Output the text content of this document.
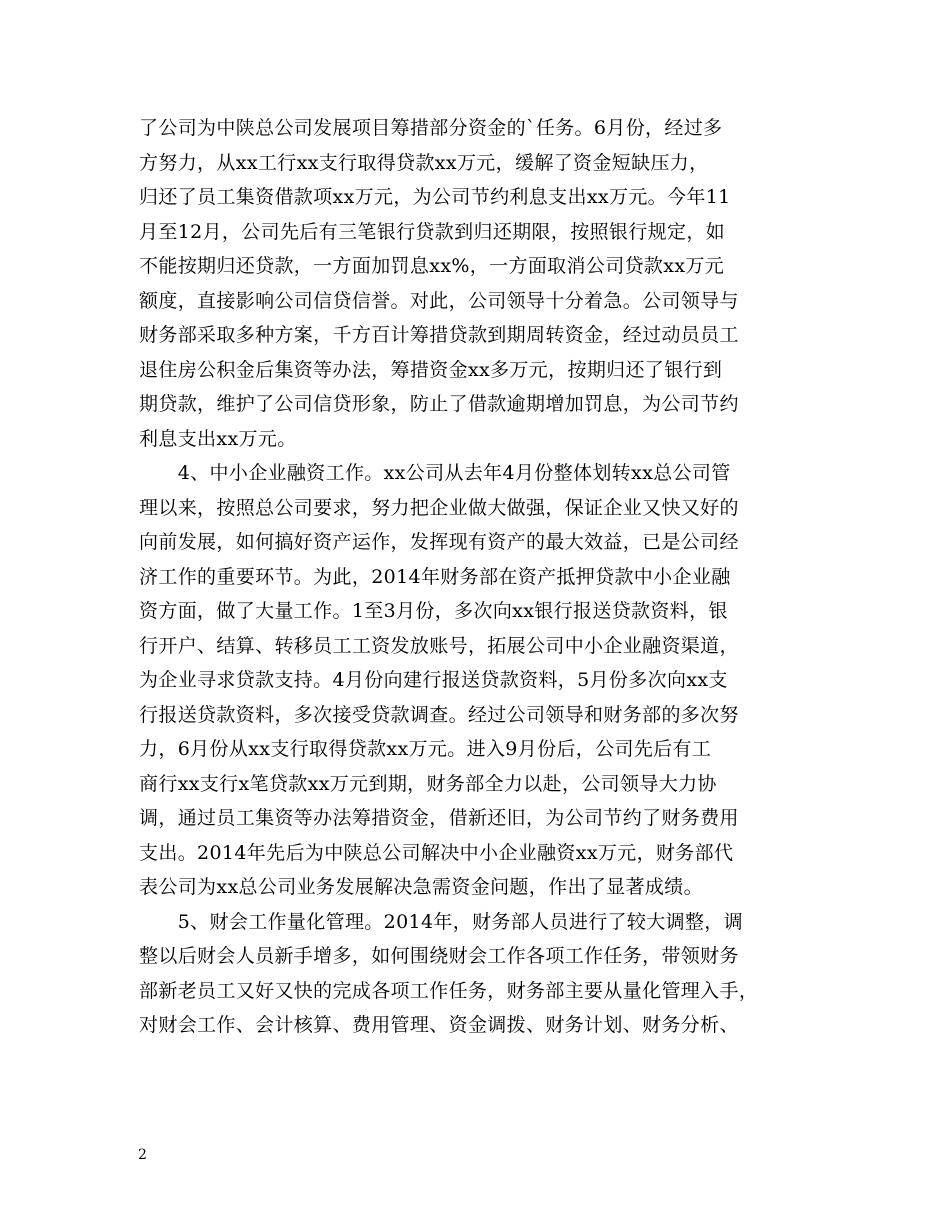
了公司为中陕总公司发展项目筹措部分资金的`任务。6月份，经过多
方努力，从xx工行xx支行取得贷款xx万元，缓解了资金短缺压力，
归还了员工集资借款项xx万元，为公司节约利息支出xx万元。今年11
月至12月，公司先后有三笔银行贷款到归还期限，按照银行规定，如
不能按期归还贷款，一方面加罚息xx%，一方面取消公司贷款xx万元
额度，直接影响公司信贷信誉。对此，公司领导十分着急。公司领导与
财务部采取多种方案，千方百计筹措贷款到期周转资金，经过动员员工
退住房公积金后集资等办法，筹措资金xx多万元，按期归还了银行到
期贷款，维护了公司信贷形象，防止了借款逾期增加罚息，为公司节约
利息支出xx万元。
　　4、中小企业融资工作。xx公司从去年4月份整体划转xx总公司管
理以来，按照总公司要求，努力把企业做大做强，保证企业又快又好的
向前发展，如何搞好资产运作，发挥现有资产的最大效益，已是公司经
济工作的重要环节。为此，2014年财务部在资产抵押贷款中小企业融
资方面，做了大量工作。1至3月份，多次向xx银行报送贷款资料，银
行开户、结算、转移员工工资发放账号，拓展公司中小企业融资渠道，
为企业寻求贷款支持。4月份向建行报送贷款资料，5月份多次向xx支
行报送贷款资料，多次接受贷款调查。经过公司领导和财务部的多次努
力，6月份从xx支行取得贷款xx万元。进入9月份后，公司先后有工
商行xx支行x笔贷款xx万元到期，财务部全力以赴，公司领导大力协
调，通过员工集资等办法筹措资金，借新还旧，为公司节约了财务费用
支出。2014年先后为中陕总公司解决中小企业融资xx万元，财务部代
表公司为xx总公司业务发展解决急需资金问题，作出了显著成绩。
　　5、财会工作量化管理。2014年，财务部人员进行了较大调整，调
整以后财会人员新手增多，如何围绕财会工作各项工作任务，带领财务
部新老员工又好又快的完成各项工作任务，财务部主要从量化管理入手，
对财会工作、会计核算、费用管理、资金调拨、财务计划、财务分析、
2
